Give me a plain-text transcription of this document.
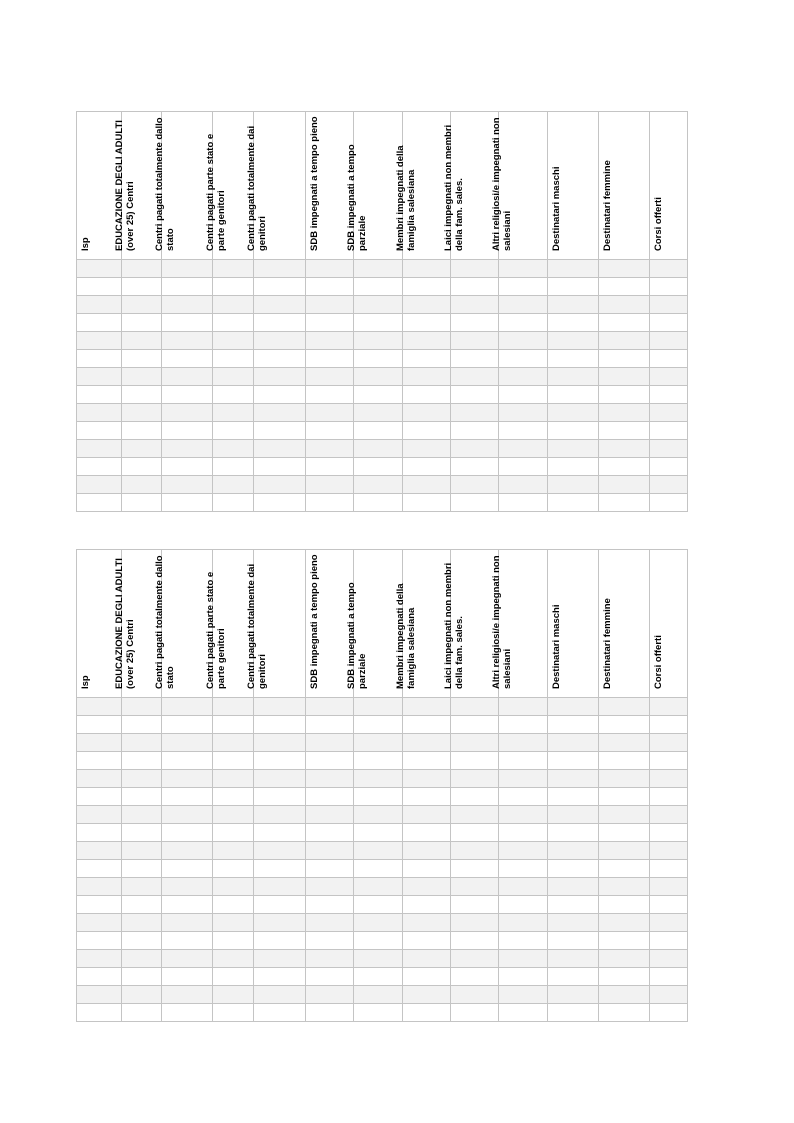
Isp	EDUCAZIONE DEGLI ADULTI (over 25) Centri	Centri pagati totalmente dallo stato	Centri pagati parte stato e parte genitori	Centri pagati totalmente dai genitori	SDB impegnati a tempo pieno	SDB impegnati a tempo parziale	Membri impegnati della famiglia salesiana	Laici impegnati non membri della fam. sales.	Altri religiosi/e impegnati non salesiani	Destinatari maschi	Destinatari femmine	Corsi offerti

Isp	EDUCAZIONE DEGLI ADULTI (over 25) Centri	Centri pagati totalmente dallo stato	Centri pagati parte stato e parte genitori	Centri pagati totalmente dai genitori	SDB impegnati a tempo pieno	SDB impegnati a tempo parziale	Membri impegnati della famiglia salesiana	Laici impegnati non membri della fam. sales.	Altri religiosi/e impegnati non salesiani	Destinatari maschi	Destinatari femmine	Corsi offerti
